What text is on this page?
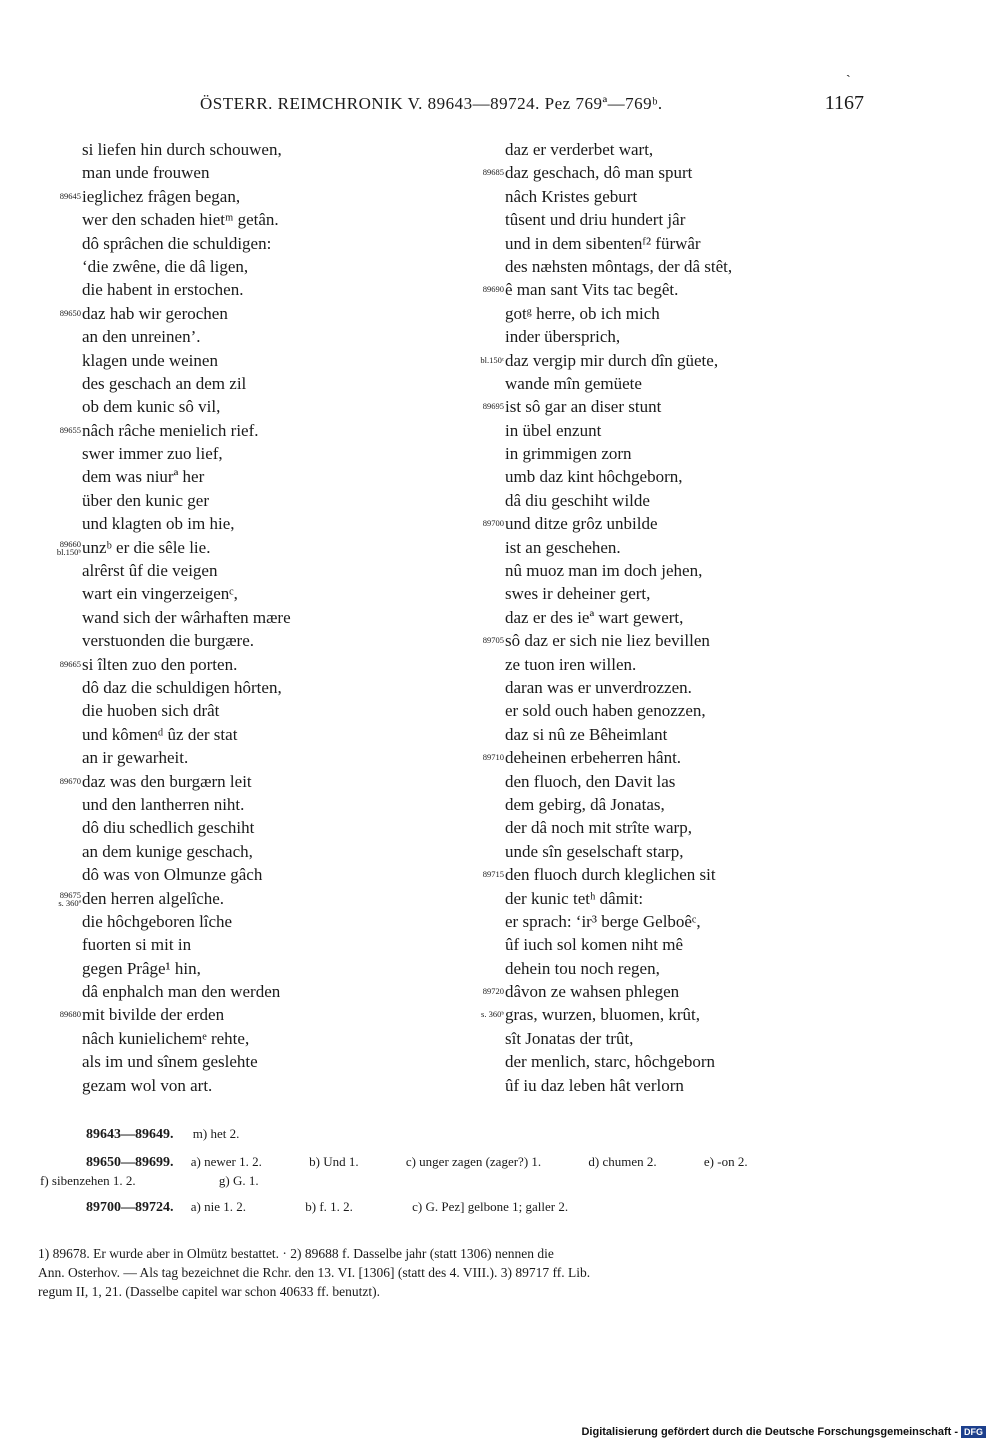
ˎ
ÖSTERR. REIMCHRONIK V. 89643—89724. Pez 769ª—769ᵇ.	1167
si liefen hin durch schouwen,
man unde frouwen
89645 ieglichez frâgen began,
wer den schaden hietᵐ getân.
dô sprâchen die schuldigen:
ʻdie zwêne, die dâ ligen,
die habent in erstochen.
89650 daz hab wir gerochen
an den unreinen’.
klagen unde weinen
des geschach an dem zil
ob dem kunic sô vil,
89655 nâch râche menielich rief.
swer immer zuo lief,
dem was niurª her
über den kunic ger
und klagten ob im hie,
89660
bl.150ᵇ unzᵇ er die sêle lie.
alrêrst ûf die veigen
wart ein vingerzeigenᶜ,
wand sich der wârhaften mære
verstuonden die burgære.
89665 si îlten zuo den porten.
dô daz die schuldigen hôrten,
die huoben sich drât
und kômenᵈ ûz der stat
an ir gewarheit.
89670 daz was den burgærn leit
und den lantherren niht.
dô diu schedlich geschiht
an dem kunige geschach,
dô was von Olmunze gâch
89675
s. 360ª den herren algelîche.
die hôchgeboren lîche
fuorten si mit in
gegen Prâge¹ hin,
dâ enphalch man den werden
89680 mit bivilde der erden
nâch kunielichemᵉ rehte,
als im und sînem geslehte
gezam wol von art.
daz er verderbet wart,
89685 daz geschach, dô man spurt
nâch Kristes geburt
tûsent und driu hundert jâr
und in dem sibentenᶠ² fürwâr
des næhsten môntags, der dâ stêt,
89690 ê man sant Vits tac begêt.
gotᵍ herre, ob ich mich
inder übersprich,
bl.150ᶜ daz vergip mir durch dîn güete,
wande mîn gemüete
89695 ist sô gar an diser stunt
in übel enzunt
in grimmigen zorn
umb daz kint hôchgeborn,
dâ diu geschiht wilde
89700 und ditze grôz unbilde
ist an geschehen.
nû muoz man im doch jehen,
swes ir deheiner gert,
daz er des ieª wart gewert,
89705 sô daz er sich nie liez bevillen
ze tuon iren willen.
daran was er unverdrozzen.
er sold ouch haben genozzen,
daz si nû ze Bêheimlant
89710 deheinen erbeherren hânt.
den fluoch, den Davit las
dem gebirg, dâ Jonatas,
der dâ noch mit strîte warp,
unde sîn geselschaft starp,
89715 den fluoch durch kleglichen sit
der kunic tetʰ dâmit:
er sprach: ʻir³ berge Gelboêᶜ,
ûf iuch sol komen niht mê
dehein tou noch regen,
89720 dâvon ze wahsen phlegen
s. 360ᵇ gras, wurzen, bluomen, krût,
sît Jonatas der trût,
der menlich, starc, hôchgeborn
ûf iu daz leben hât verlorn
89643—89649. m) het 2.
89650—89699. a) newer 1. 2.	b) Und 1.	c) unger zagen (zager?) 1.	d) chumen 2.	e) -on 2.
f) sibenzehen 1. 2.	g) G. 1.
89700—89724. a) nie 1. 2.	b) f. 1. 2.	c) G. Pez] gelbone 1; galler 2.
1) 89678. Er wurde aber in Olmütz bestattet. · 2) 89688 f. Dasselbe jahr (statt 1306) nennen die
Ann. Osterhov. — Als tag bezeichnet die Rchr. den 13. VI. [1306] (statt des 4. VIII.). 3) 89717 ff. Lib.
regum II, 1, 21. (Dasselbe capitel war schon 40633 ff. benutzt).
Digitalisierung gefördert durch die Deutsche Forschungsgemeinschaft - DFG
